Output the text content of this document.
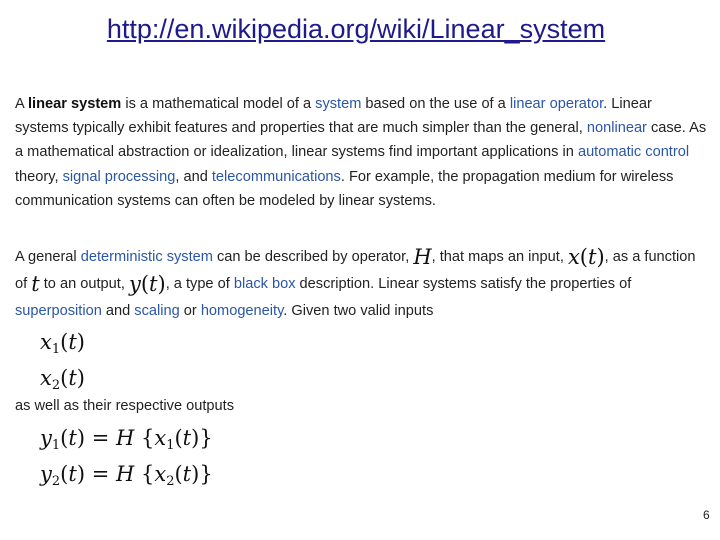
http://en.wikipedia.org/wiki/Linear_system
A linear system is a mathematical model of a system based on the use of a linear operator. Linear systems typically exhibit features and properties that are much simpler than the general, nonlinear case. As a mathematical abstraction or idealization, linear systems find important applications in automatic control theory, signal processing, and telecommunications. For example, the propagation medium for wireless communication systems can often be modeled by linear systems.
A general deterministic system can be described by operator, H, that maps an input, x(t), as a function of t to an output, y(t), a type of black box description. Linear systems satisfy the properties of superposition and scaling or homogeneity. Given two valid inputs
$x_1(t)$
$x_2(t)$
as well as their respective outputs
$y_1(t) = H$ $\{x_1(t)\}$
$y_2(t) = H$ $\{x_2(t)\}$
6
